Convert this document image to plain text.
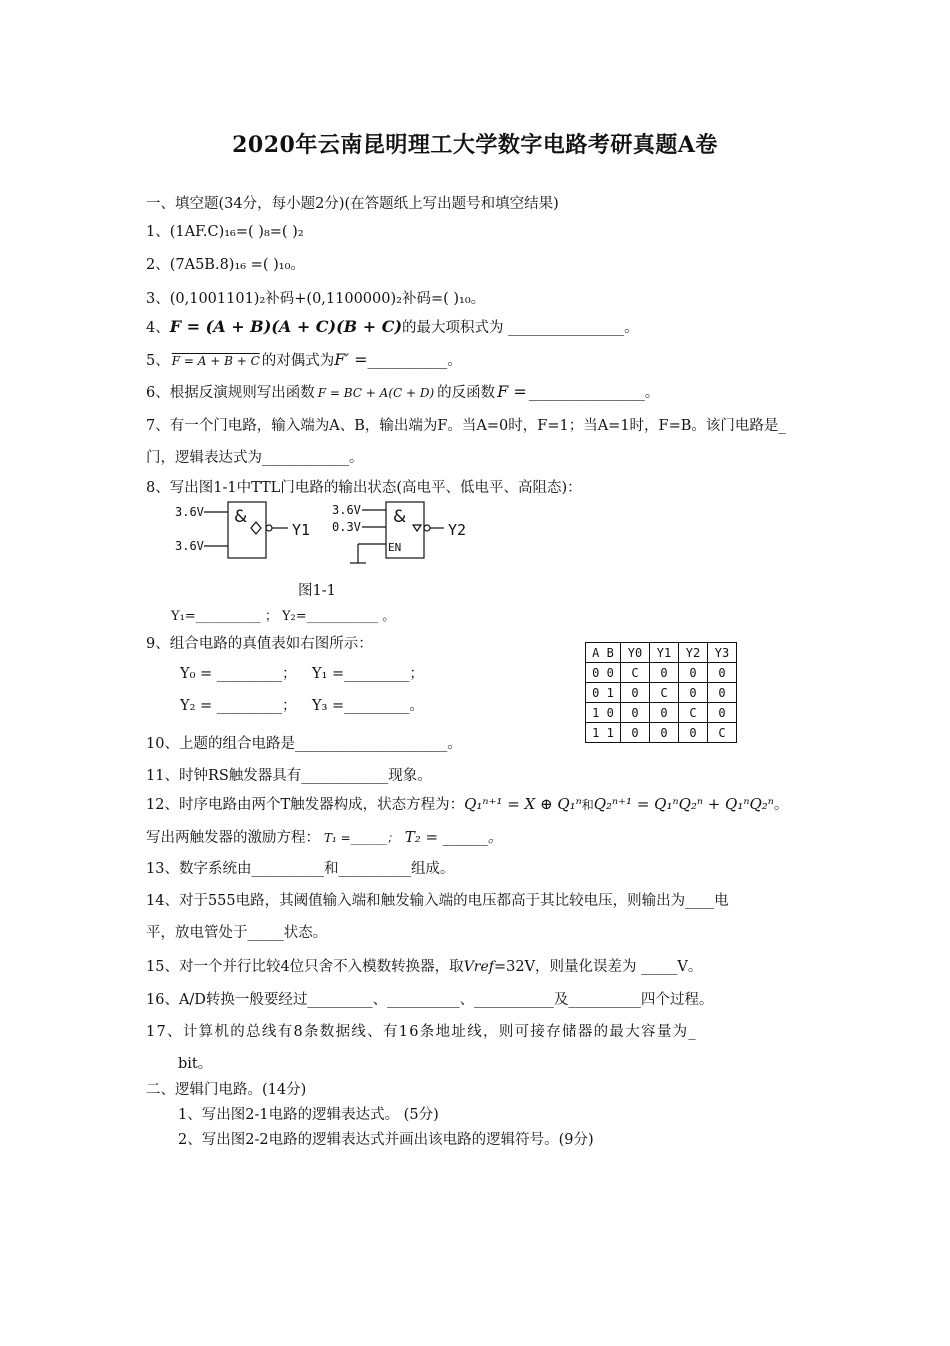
2020年云南昆明理工大学数字电路考研真题A卷
一、填空题(34分，每小题2分)(在答题纸上写出题号和填空结果)
1、(1AF.C)₁₆=( )₈=( )₂
2、(7A5B.8)₁₆ =( )₁₀。
3、(0,1001101)₂补码+(0,1100000)₂补码=( )₁₀。
4、F = (A + B)(A + C)(B + C)的最大项积式为 ________________。
5、 F = A + B + C 的对偶式为F′ =___________。
6、根据反演规则写出函数 F = BC + A(C + D) 的反函数 F = ________________。
7、有一个门电路，输入端为A、B，输出端为F。当A=0时，F=1；当A=1时，F=B。该门电路是_
门，逻辑表达式为____________。
8、写出图1-1中TTL门电路的输出状态(高电平、低电平、高阻态)：
3.6V
3.6V
Y1
3.6V
0.3V	Y2
&	&
EN
图1-1
Y₁=__________ ； Y₂=___________ 。
9、组合电路的真值表如右图所示：
Y₀ = _________； Y₁ =_________；
Y₂ = _________； Y₃ =_________。
A B	Y0	Y1	Y2	Y3
0 0	C	0	0	0
0 1	0	C	0	0
1 0	0	0	C	0
1 1	0	0	0	C
10、上题的组合电路是_____________________。
11、时钟RS触发器具有____________现象。
12、时序电路由两个T触发器构成，状态方程为：Q₁ⁿ⁺¹ = X ⊕ Q₁ⁿ和Q₂ⁿ⁺¹ = Q₁ⁿQ₂ⁿ + Q₁ⁿQ₂ⁿ。
写出两触发器的激励方程： T₁ =______； T₂ = ______。
13、数字系统由__________和__________组成。
14、对于555电路，其阈值输入端和触发输入端的电压都高于其比较电压，则输出为____电
平，放电管处于_____状态。
15、对一个并行比较4位只舍不入模数转换器，取Vref=32V，则量化误差为 _____V。
16、A/D转换一般要经过_________、__________、___________及__________四个过程。
17、计算机的总线有8条数据线、有16条地址线，则可接存储器的最大容量为_
bit。
二、逻辑门电路。(14分)
1、写出图2-1电路的逻辑表达式。 (5分)
2、写出图2-2电路的逻辑表达式并画出该电路的逻辑符号。(9分)
